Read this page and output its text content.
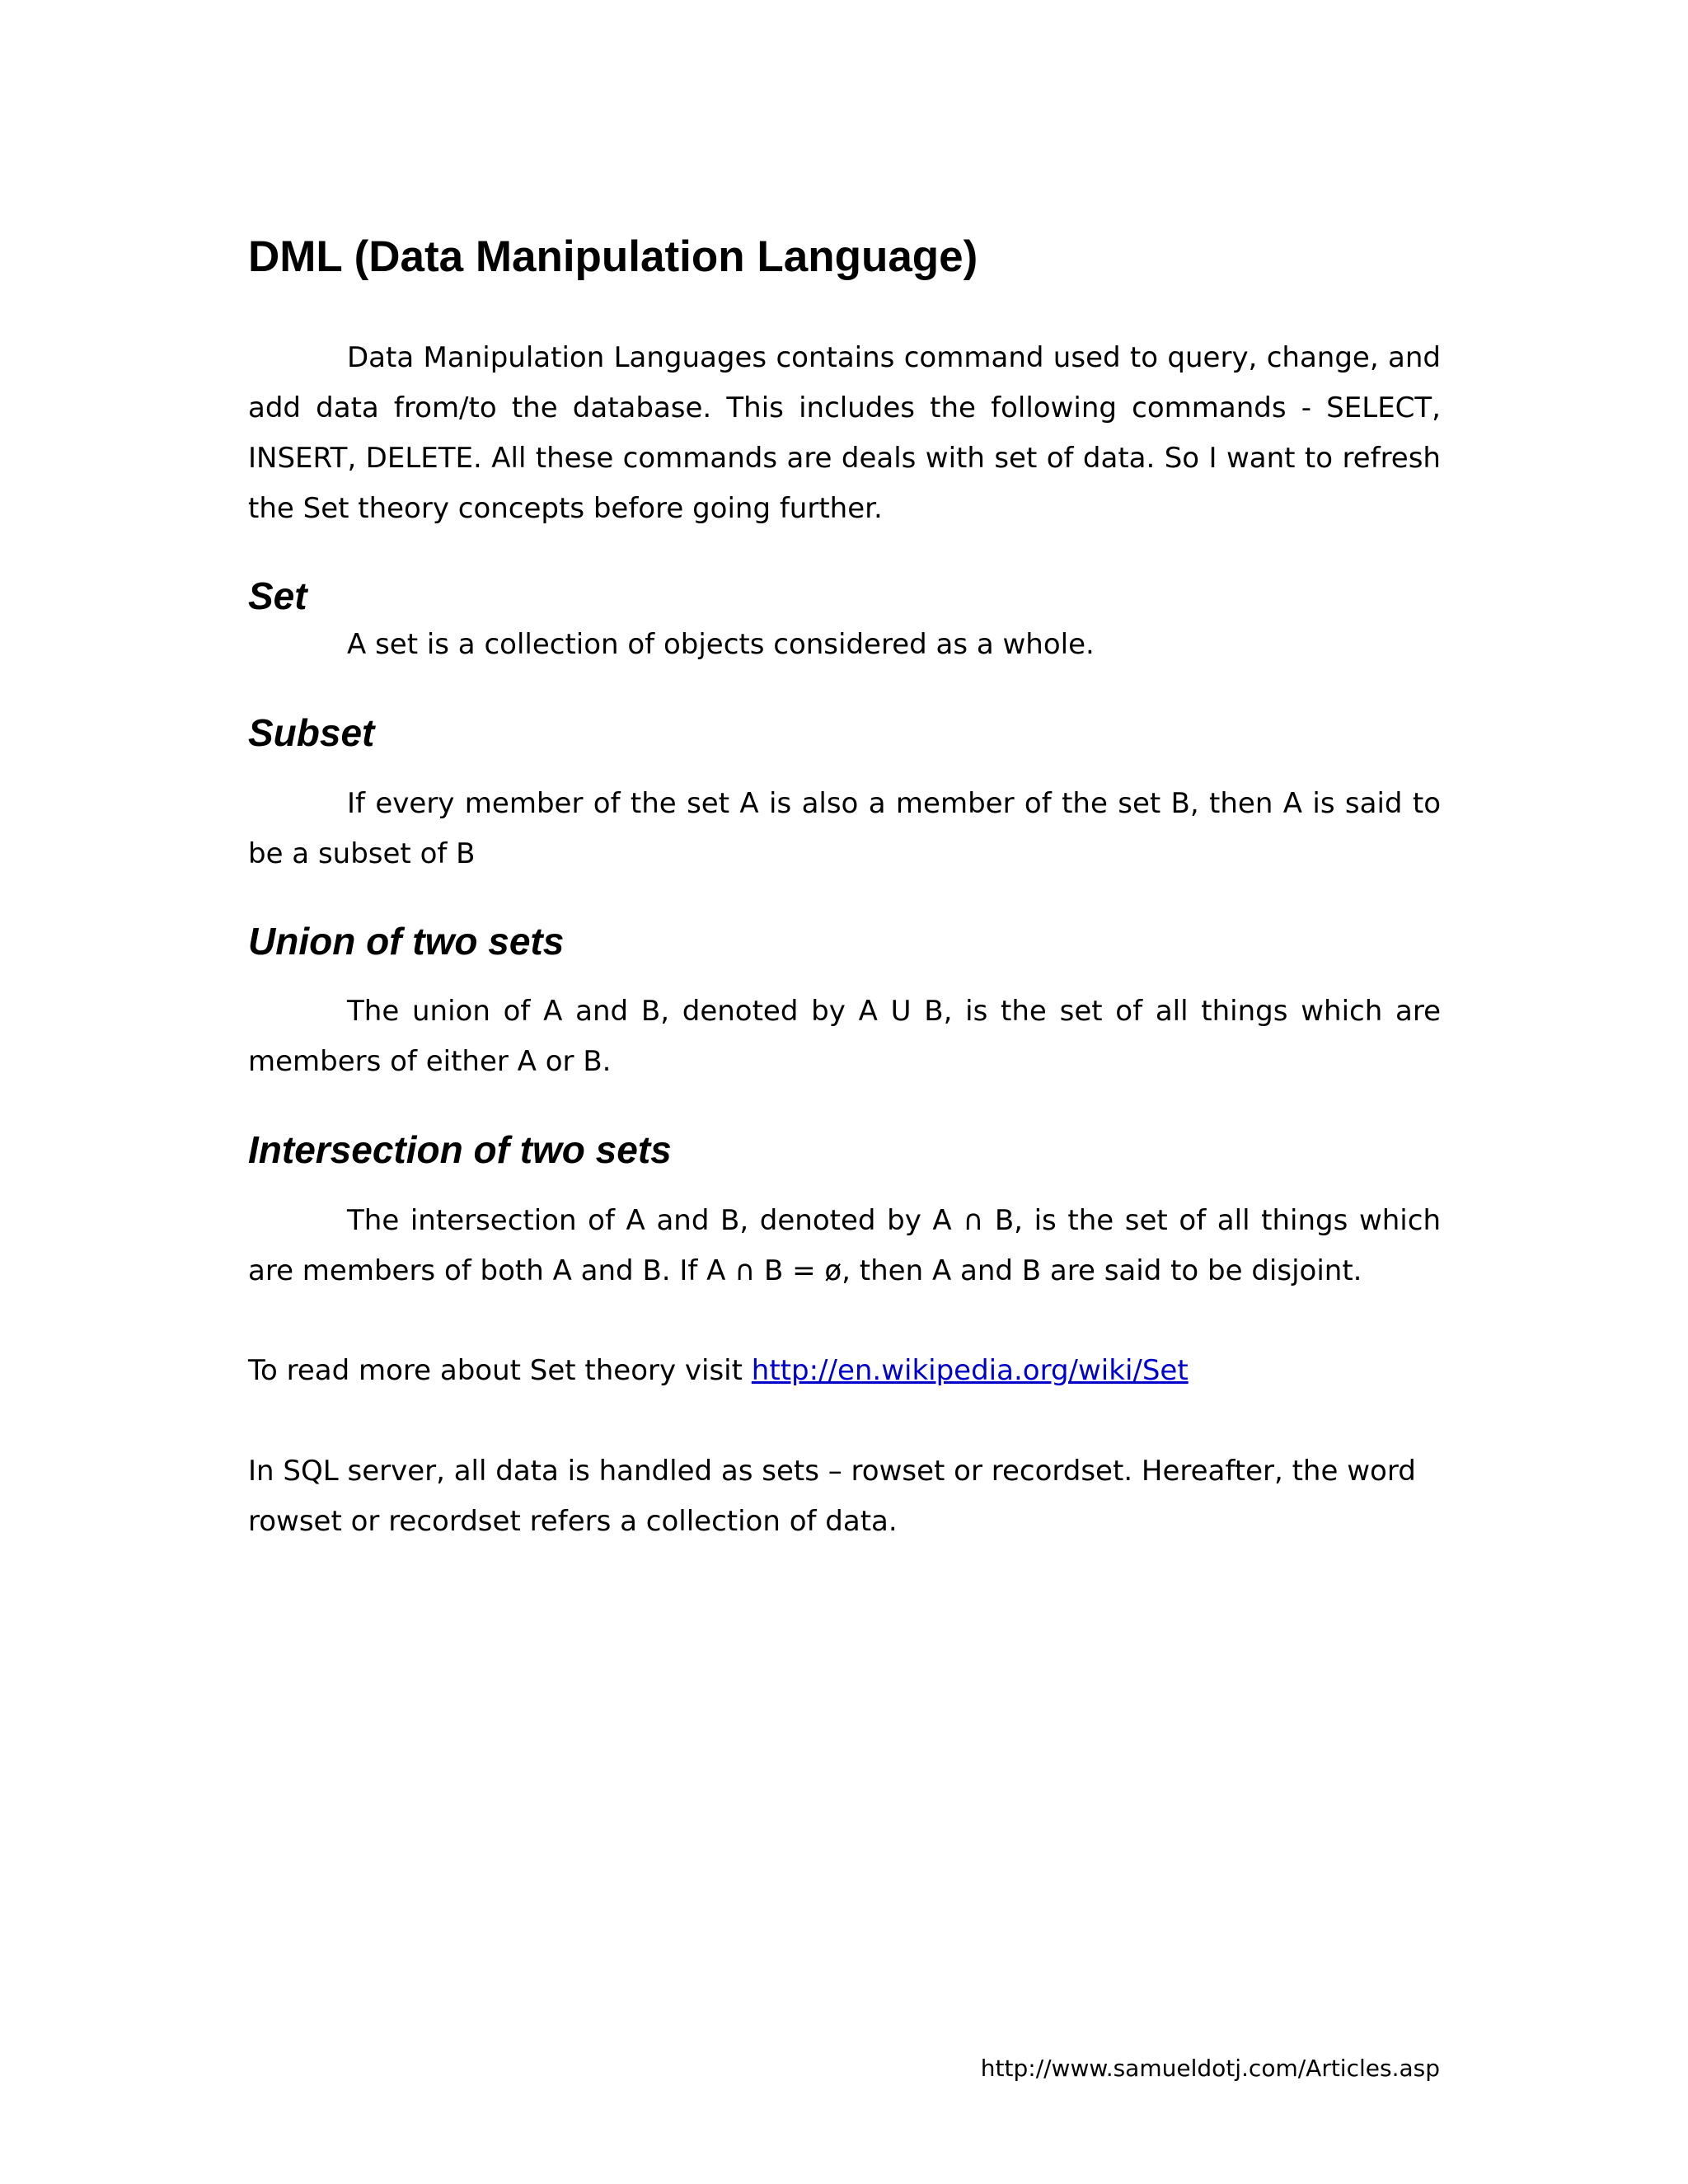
DML (Data Manipulation Language)

Data Manipulation Languages contains command used to query, change, and add data from/to the database. This includes the following commands - SELECT, INSERT, DELETE. All these commands are deals with set of data. So I want to refresh the Set theory concepts before going further.

Set

A set is a collection of objects considered as a whole.

Subset

If every member of the set A is also a member of the set B, then A is said to be a subset of B

Union of two sets

The union of A and B, denoted by A U B, is the set of all things which are members of either A or B.

Intersection of two sets

The intersection of A and B, denoted by A ∩ B, is the set of all things which are members of both A and B. If A ∩ B = ø, then A and B are said to be disjoint.

To read more about Set theory visit http://en.wikipedia.org/wiki/Set

In SQL server, all data is handled as sets – rowset or recordset. Hereafter, the word rowset or recordset refers a collection of data.

http://www.samueldotj.com/Articles.asp
